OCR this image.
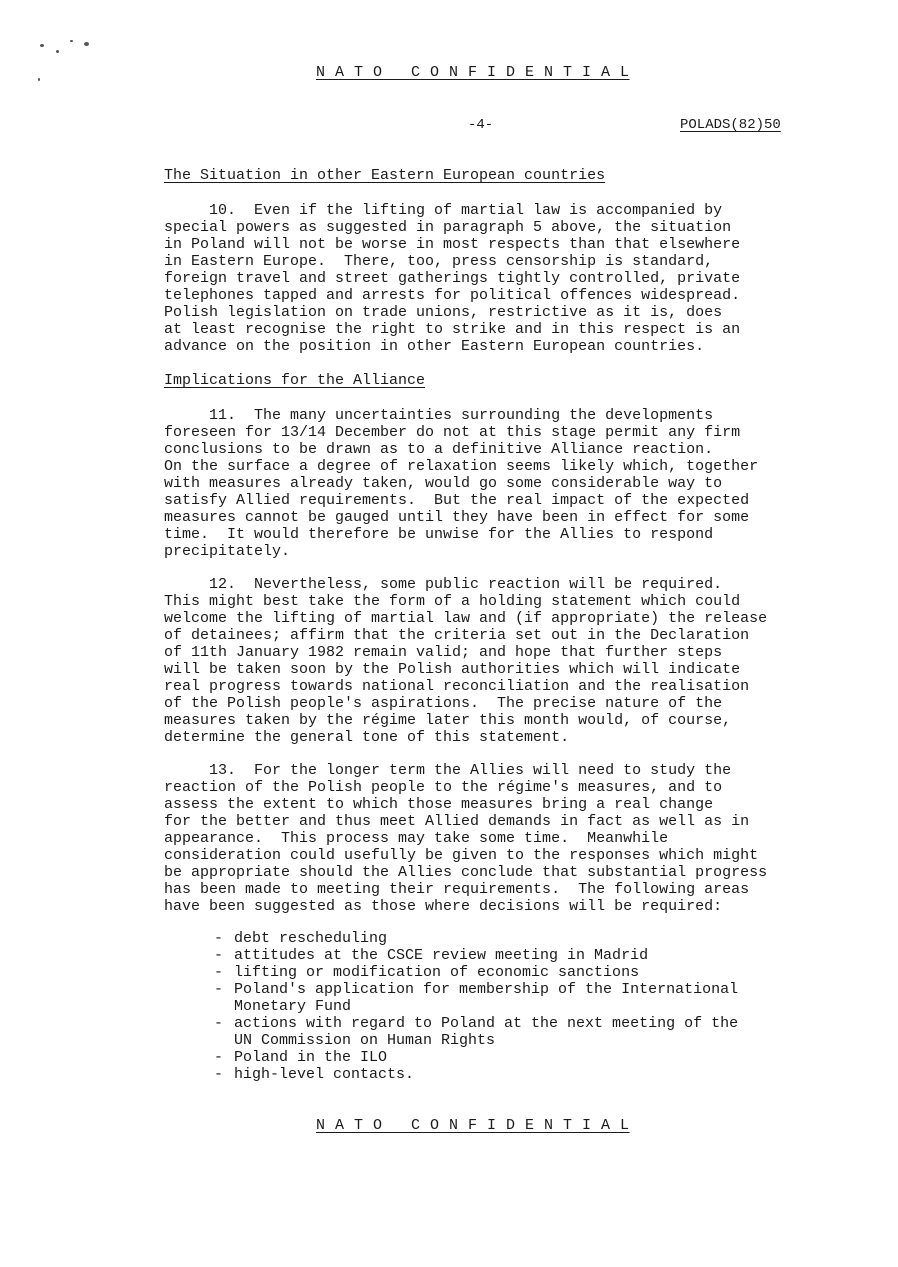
N A T O   C O N F I D E N T I A L
-4-	POLADS(82)50
The Situation in other Eastern European countries
10.  Even if the lifting of martial law is accompanied by
special powers as suggested in paragraph 5 above, the situation
in Poland will not be worse in most respects than that elsewhere
in Eastern Europe.  There, too, press censorship is standard,
foreign travel and street gatherings tightly controlled, private
telephones tapped and arrests for political offences widespread.
Polish legislation on trade unions, restrictive as it is, does
at least recognise the right to strike and in this respect is an
advance on the position in other Eastern European countries.
Implications for the Alliance
11.  The many uncertainties surrounding the developments
foreseen for 13/14 December do not at this stage permit any firm
conclusions to be drawn as to a definitive Alliance reaction.
On the surface a degree of relaxation seems likely which, together
with measures already taken, would go some considerable way to
satisfy Allied requirements.  But the real impact of the expected
measures cannot be gauged until they have been in effect for some
time.  It would therefore be unwise for the Allies to respond
precipitately.
12.  Nevertheless, some public reaction will be required.
This might best take the form of a holding statement which could
welcome the lifting of martial law and (if appropriate) the release
of detainees; affirm that the criteria set out in the Declaration
of 11th January 1982 remain valid; and hope that further steps
will be taken soon by the Polish authorities which will indicate
real progress towards national reconciliation and the realisation
of the Polish people's aspirations.  The precise nature of the
measures taken by the régime later this month would, of course,
determine the general tone of this statement.
13.  For the longer term the Allies will need to study the
reaction of the Polish people to the régime's measures, and to
assess the extent to which those measures bring a real change
for the better and thus meet Allied demands in fact as well as in
appearance.  This process may take some time.  Meanwhile
consideration could usefully be given to the responses which might
be appropriate should the Allies conclude that substantial progress
has been made to meeting their requirements.  The following areas
have been suggested as those where decisions will be required:
- debt rescheduling
- attitudes at the CSCE review meeting in Madrid
- lifting or modification of economic sanctions
- Poland's application for membership of the International
Monetary Fund
- actions with regard to Poland at the next meeting of the
UN Commission on Human Rights
- Poland in the ILO
- high-level contacts.
N A T O   C O N F I D E N T I A L
